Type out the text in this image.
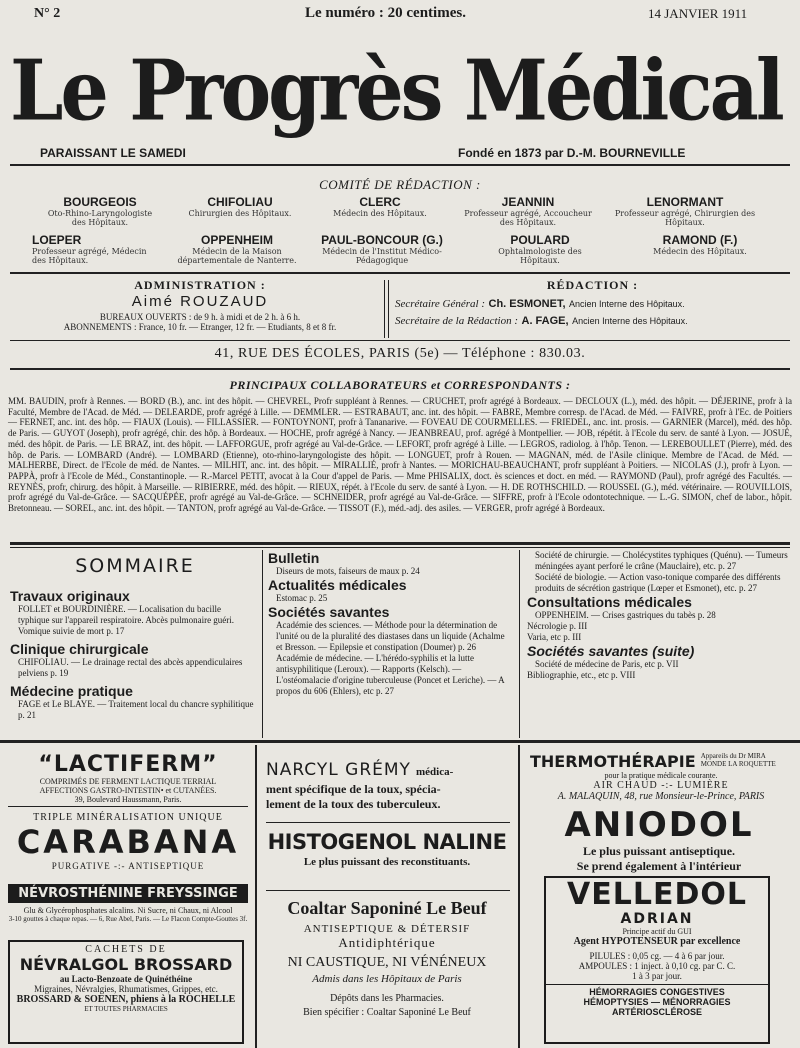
N° 2	Le numéro : 20 centimes.	14 JANVIER 1911
Le Progrès Médical
PARAISSANT LE SAMEDI	Fondé en 1873 par D.-M. BOURNEVILLE
COMITÉ DE RÉDACTION :
BOURGEOIS
Oto-Rhino-Laryngologiste des Hôpitaux.
CHIFOLIAU
Chirurgien des Hôpitaux.
CLERC
Médecin des Hôpitaux.
JEANNIN
Professeur agrégé, Accoucheur des Hôpitaux.
LENORMANT
Professeur agrégé, Chirurgien des Hôpitaux.
LOEPER
Professeur agrégé, Médecin des Hôpitaux.
OPPENHEIM
Médecin de la Maison départementale de Nanterre.
PAUL-BONCOUR (G.)
Médecin de l'Institut Médico-Pédagogique
POULARD
Ophtalmologiste des Hôpitaux.
RAMOND (F.)
Médecin des Hôpitaux.
ADMINISTRATION :
Aimé ROUZAUD
BUREAUX OUVERTS : de 9 h. à midi et de 2 h. à 6 h.
ABONNEMENTS : France, 10 fr. — Etranger, 12 fr. — Etudiants, 8 et 8 fr.
RÉDACTION :
Secrétaire Général : Ch. ESMONET, Ancien Interne des Hôpitaux.
Secrétaire de la Rédaction : A. FAGE, Ancien Interne des Hôpitaux.
41, RUE DES ÉCOLES, PARIS (5e) — Téléphone : 830.03.
PRINCIPAUX COLLABORATEURS et CORRESPONDANTS :
MM. BAUDIN, profr à Rennes. — BORD (B.), anc. int des hôpit. — CHEVREL, Profr suppléant à Rennes. — CRUCHET, profr agrégé à Bordeaux. — DECLOUX (L.), méd. des hôpit. — DÉJERINE, profr à la Faculté, Membre de l'Acad. de Méd. — DELEARDE, profr agrégé à Lille. — DEMMLER. — ESTRABAUT, anc. int. des hôpit. — FABRE, Membre corresp. de l'Acad. de Méd. — FAIVRE, profr à l'Ec. de Poitiers — FERNET, anc. int. des hôp. — FIAUX (Louis). — FILLASSIER. — FONTOYNONT, profr à Tananarive. — FOVEAU DE COURMELLES. — FRIEDEL, anc. int. prosis. — GARNIER (Marcel), méd. des hôp. de Paris. — GUYOT (Joseph), profr agrégé, chir. des hôp. à Bordeaux. — HOCHE, profr agrégé à Nancy. — JEANBREAU, prof. agrégé à Montpellier. — JOB, répétit. à l'Ecole du serv. de santé à Lyon. — JOSUÉ, méd. des hôpit. de Paris. — LE BRAZ, int. des hôpit. — LAFFORGUE, profr agrégé au Val-de-Grâce. — LEFORT, profr agrégé à Lille. — LEGROS, radiolog. à l'hôp. Tenon. — LEREBOULLET (Pierre), méd. des hôp. de Paris. — LOMBARD (André). — LOMBARD (Etienne), oto-rhino-laryngologiste des hôpit. — LONGUET, profr à Rouen. — MAGNAN, méd. de l'Asile clinique. Membre de l'Acad. de Méd. — MALHERBE, Direct. de l'Ecole de méd. de Nantes. — MILHIT, anc. int. des hôpit. — MIRALLIÉ, profr à Nantes. — MORICHAU-BEAUCHANT, profr suppléant à Poitiers. — NICOLAS (J.), profr à Lyon. — PAPPÀ, profr à l'Ecole de Méd., Constantinople. — R.-Marcel PETIT, avocat à la Cour d'appel de Paris. — Mme PHISALIX, doct. ès sciences et doct. en méd. — RAYMOND (Paul), profr agrégé des Facultés. — REYNÈS, profr, chirurg. des hôpit. à Marseille. — RIBIERRE, méd. des hôpit. — RIEUX, répét. à l'Ecole du serv. de santé à Lyon. — H. DE ROTHSCHILD. — ROUSSEL (G.), méd. vétérinaire. — ROUVILLOIS, profr agrégé du Val-de-Grâce. — SACQUÉPÉE, profr agrégé au Val-de-Grâce. — SCHNEIDER, profr agrégé au Val-de-Grâce. — SIFFRE, profr à l'Ecole odontotechnique. — L.-G. SIMON, chef de labor., hôpit. Bretonneau. — SOREL, anc. int. des hôpit. — TANTON, profr agrégé au Val-de-Grâce. — TISSOT (F.), méd.-adj. des asiles. — VERGER, profr agrégé à Bordeaux.
SOMMAIRE
Travaux originaux
FOLLET et BOURDINIÈRE. — Localisation du bacille typhique sur l'appareil respiratoire. Abcès pulmonaire guéri. Vomique suivie de mort p. 17
Clinique chirurgicale
CHIFOLIAU. — Le drainage rectal des abcès appendiculaires pelviens p. 19
Médecine pratique
FAGE et Le BLAYE. — Traitement local du chancre syphilitique p. 21
Bulletin
Diseurs de mots, faiseurs de maux p. 24
Actualités médicales
Estomac p. 25
Sociétés savantes
Académie des sciences. — Méthode pour la détermination de l'unité ou de la pluralité des diastases dans un liquide (Achalme et Bresson. — Epilepsie et constipation (Doumer) p. 26
Académie de médecine. — L'hérédo-syphilis et la lutte antisyphilitique (Leroux). — Rapports (Kelsch). — L'ostéomalacie d'origine tuberculeuse (Poncet et Leriche). — A propos du 606 (Ehlers), etc p. 27
Société de chirurgie. — Cholécystites typhiques (Quénu). — Tumeurs méningées ayant perforé le crâne (Mauclaire), etc. p. 27
Société de biologie. — Action vaso-tonique comparée des différents produits de sécrétion gastrique (Lœper et Esmonet), etc. p. 27
Consultations médicales
OPPENHEIM. — Crises gastriques du tabès p. 28
Nécrologie p. III
Varia, etc p. III
Sociétés savantes (suite)
Société de médecine de Paris, etc p. VII
Bibliographie, etc., etc p. VIII
“LACTIFERM”
COMPRIMÉS DE FERMENT LACTIQUE TERRIAL
AFFECTIONS GASTRO-INTESTIN• et CUTANÉES.
39, Boulevard Haussmann, Paris.
TRIPLE MINÉRALISATION UNIQUE
CARABANA
PURGATIVE -:- ANTISEPTIQUE
NÉVROSTHÉNINE FREYSSINGE
Glu & Glycérophosphates alcalins. Ni Sucre, ni Chaux, ni Alcool
3-10 gouttes à chaque repas. — 6, Rue Abel, Paris. — Le Flacon Compte-Gouttes 3f.
CACHETS DE
NÉVRALGOL BROSSARD
au Lacto-Benzoate de Quinéthéine
Migraines, Névralgies, Rhumatismes, Grippes, etc.
BROSSARD & SOENEN, phiens à la ROCHELLE
ET TOUTES PHARMACIES
NARCYL GRÉMY médica-
ment spécifique de la toux, spécia-
lement de la toux des tuberculeux.
HISTOGENOL NALINE
Le plus puissant des reconstituants.
Coaltar Saponiné Le Beuf
ANTISEPTIQUE & DÉTERSIF
Antidiphtérique
NI CAUSTIQUE, NI VÉNÉNEUX
Admis dans les Hôpitaux de Paris
Dépôts dans les Pharmacies.
Bien spécifier : Coaltar Saponiné Le Beuf
THERMOTHÉRAPIE Appareils du Dr MIRA
MONDE LA ROQUETTE
pour la pratique médicale courante.
AIR CHAUD -:- LUMIÈRE
A. MALAQUIN, 48, rue Monsieur-le-Prince, PARIS
ANIODOL
Le plus puissant antiseptique.
Se prend également à l'intérieur
VELLEDOL
ADRIAN
Principe actif du GUI
Agent HYPOTENSEUR par excellence
PILULES : 0,05 cg. — 4 à 6 par jour.
AMPOULES : 1 inject. à 0,10 cg. par C. C.
1 à 3 par jour.
HÉMORRAGIES CONGESTIVES
HÉMOPTYSIES — MÉNORRAGIES
ARTÉRIOSCLÉROSE
